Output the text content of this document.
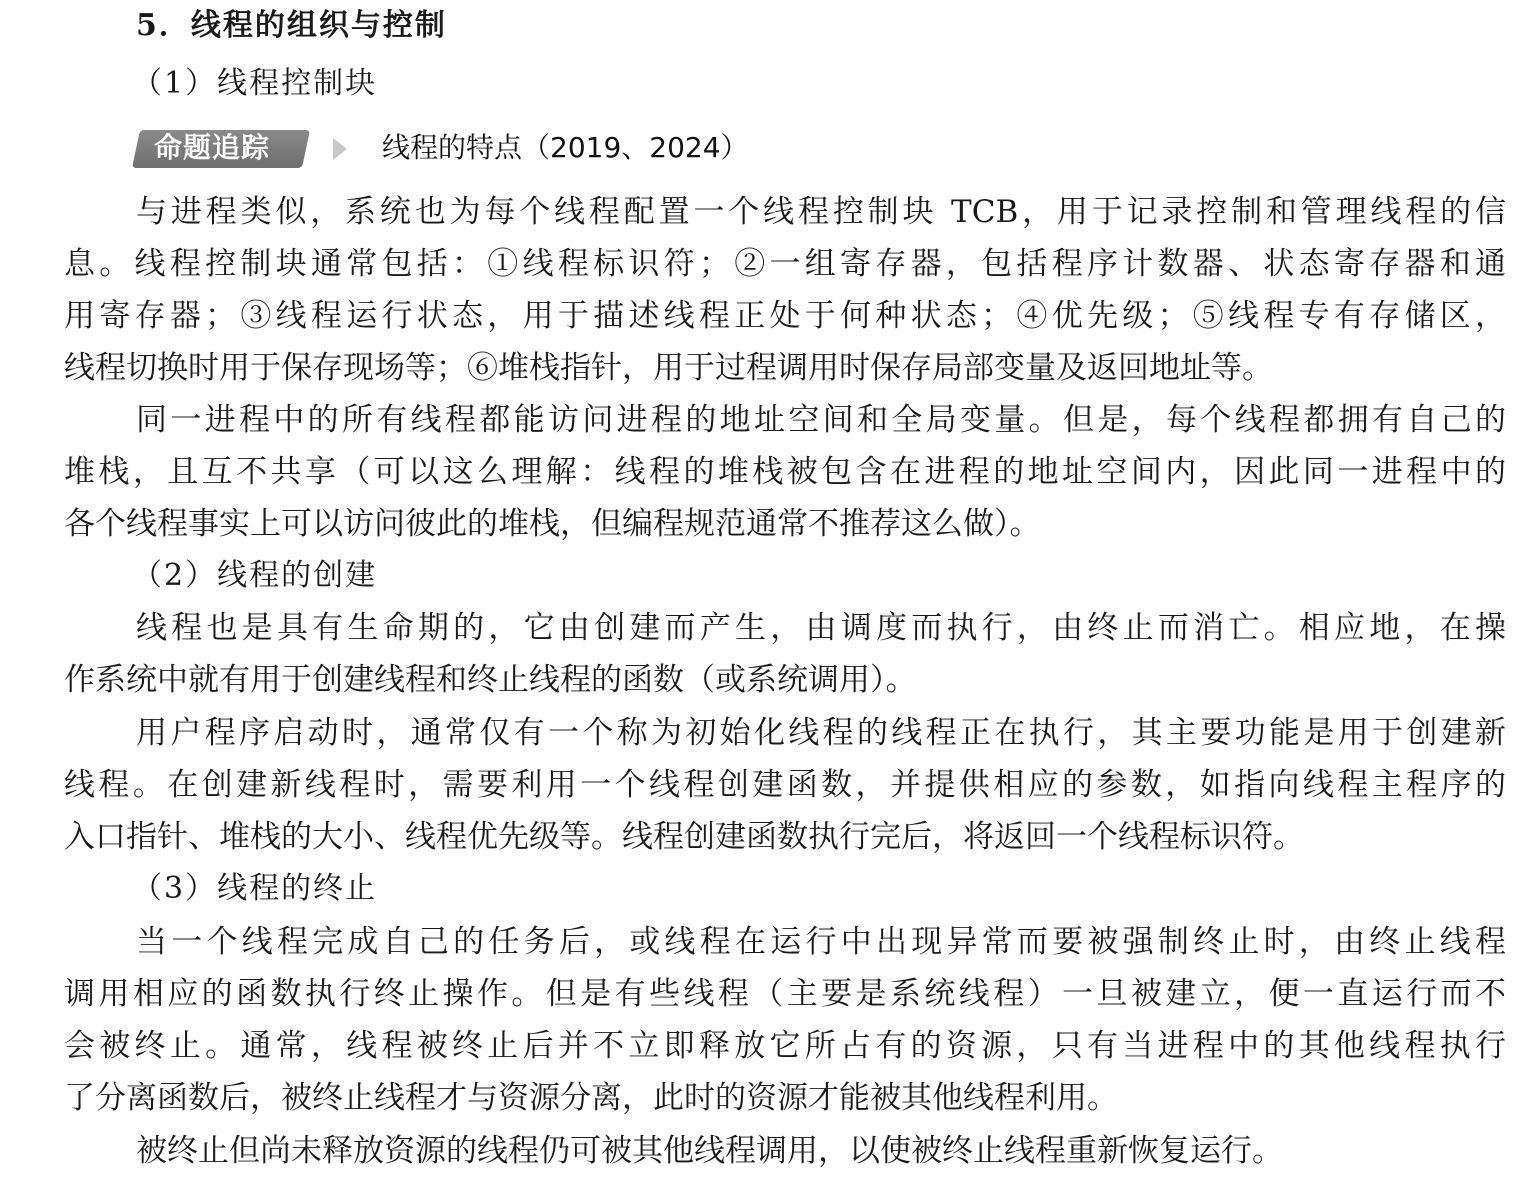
5．线程的组织与控制
（1）线程控制块
命题追踪	线程的特点（2019、2024）
与进程类似，系统也为每个线程配置一个线程控制块 TCB，用于记录控制和管理线程的信
息。线程控制块通常包括：①线程标识符；②一组寄存器，包括程序计数器、状态寄存器和通
用寄存器；③线程运行状态，用于描述线程正处于何种状态；④优先级；⑤线程专有存储区，
线程切换时用于保存现场等；⑥堆栈指针，用于过程调用时保存局部变量及返回地址等。
同一进程中的所有线程都能访问进程的地址空间和全局变量。但是，每个线程都拥有自己的
堆栈，且互不共享（可以这么理解：线程的堆栈被包含在进程的地址空间内，因此同一进程中的
各个线程事实上可以访问彼此的堆栈，但编程规范通常不推荐这么做）。
（2）线程的创建
线程也是具有生命期的，它由创建而产生，由调度而执行，由终止而消亡。相应地，在操
作系统中就有用于创建线程和终止线程的函数（或系统调用）。
用户程序启动时，通常仅有一个称为初始化线程的线程正在执行，其主要功能是用于创建新
线程。在创建新线程时，需要利用一个线程创建函数，并提供相应的参数，如指向线程主程序的
入口指针、堆栈的大小、线程优先级等。线程创建函数执行完后，将返回一个线程标识符。
（3）线程的终止
当一个线程完成自己的任务后，或线程在运行中出现异常而要被强制终止时，由终止线程
调用相应的函数执行终止操作。但是有些线程（主要是系统线程）一旦被建立，便一直运行而不
会被终止。通常，线程被终止后并不立即释放它所占有的资源，只有当进程中的其他线程执行
了分离函数后，被终止线程才与资源分离，此时的资源才能被其他线程利用。
被终止但尚未释放资源的线程仍可被其他线程调用，以使被终止线程重新恢复运行。
